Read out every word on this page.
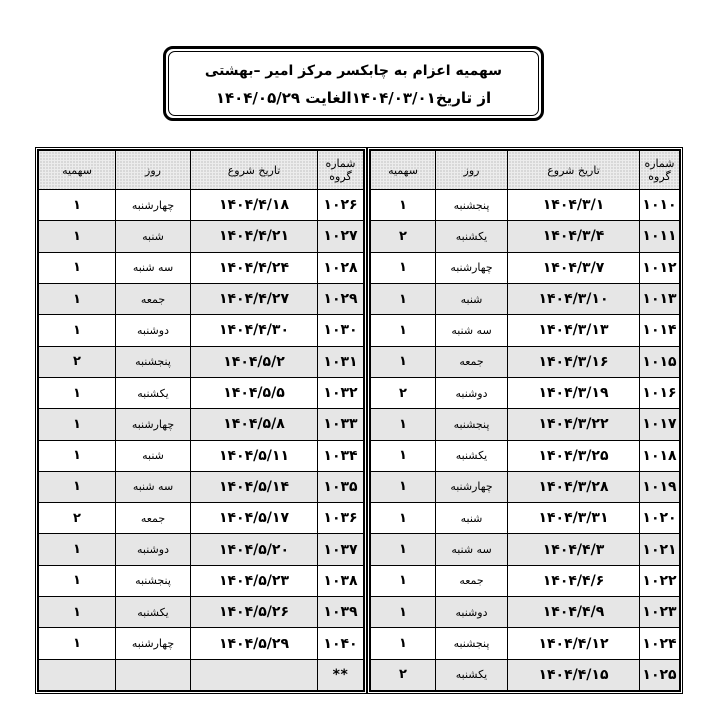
سهمیه اعزام به چابکسر مرکز امیر –بهشتی
از تاریخ۱۴۰۴/۰۳/۰۱الغایت ۱۴۰۴/۰۵/۲۹
شماره گروه	تاریخ شروع	روز	سهمیه
۱۰۱۰	۱۴۰۴/۳/۱	پنجشنبه	۱
۱۰۱۱	۱۴۰۴/۳/۴	یکشنبه	۲
۱۰۱۲	۱۴۰۴/۳/۷	چهارشنبه	۱
۱۰۱۳	۱۴۰۴/۳/۱۰	شنبه	۱
۱۰۱۴	۱۴۰۴/۳/۱۳	سه شنبه	۱
۱۰۱۵	۱۴۰۴/۳/۱۶	جمعه	۱
۱۰۱۶	۱۴۰۴/۳/۱۹	دوشنبه	۲
۱۰۱۷	۱۴۰۴/۳/۲۲	پنجشنبه	۱
۱۰۱۸	۱۴۰۴/۳/۲۵	یکشنبه	۱
۱۰۱۹	۱۴۰۴/۳/۲۸	چهارشنبه	۱
۱۰۲۰	۱۴۰۴/۳/۳۱	شنبه	۱
۱۰۲۱	۱۴۰۴/۴/۳	سه شنبه	۱
۱۰۲۲	۱۴۰۴/۴/۶	جمعه	۱
۱۰۲۳	۱۴۰۴/۴/۹	دوشنبه	۱
۱۰۲۴	۱۴۰۴/۴/۱۲	پنجشنبه	۱
۱۰۲۵	۱۴۰۴/۴/۱۵	یکشنبه	۲
شماره گروه	تاریخ شروع	روز	سهمیه
۱۰۲۶	۱۴۰۴/۴/۱۸	چهارشنبه	۱
۱۰۲۷	۱۴۰۴/۴/۲۱	شنبه	۱
۱۰۲۸	۱۴۰۴/۴/۲۴	سه شنبه	۱
۱۰۲۹	۱۴۰۴/۴/۲۷	جمعه	۱
۱۰۳۰	۱۴۰۴/۴/۳۰	دوشنبه	۱
۱۰۳۱	۱۴۰۴/۵/۲	پنجشنبه	۲
۱۰۳۲	۱۴۰۴/۵/۵	یکشنبه	۱
۱۰۳۳	۱۴۰۴/۵/۸	چهارشنبه	۱
۱۰۳۴	۱۴۰۴/۵/۱۱	شنبه	۱
۱۰۳۵	۱۴۰۴/۵/۱۴	سه شنبه	۱
۱۰۳۶	۱۴۰۴/۵/۱۷	جمعه	۲
۱۰۳۷	۱۴۰۴/۵/۲۰	دوشنبه	۱
۱۰۳۸	۱۴۰۴/۵/۲۳	پنجشنبه	۱
۱۰۳۹	۱۴۰۴/۵/۲۶	یکشنبه	۱
۱۰۴۰	۱۴۰۴/۵/۲۹	چهارشنبه	۱
**			
